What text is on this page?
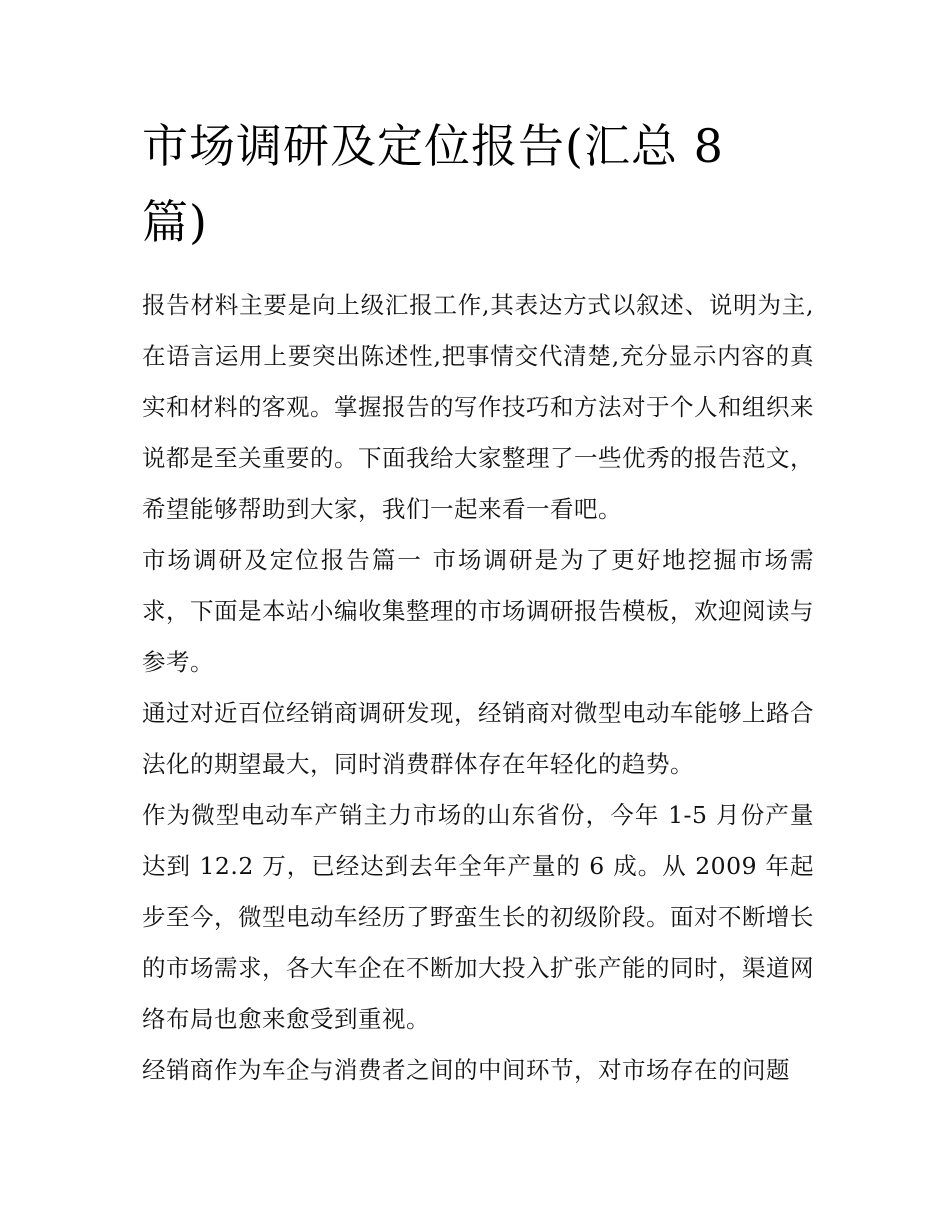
市场调研及定位报告(汇总 8 篇)

报告材料主要是向上级汇报工作,其表达方式以叙述、说明为主,在语言运用上要突出陈述性,把事情交代清楚,充分显示内容的真实和材料的客观。掌握报告的写作技巧和方法对于个人和组织来说都是至关重要的。下面我给大家整理了一些优秀的报告范文，希望能够帮助到大家，我们一起来看一看吧。

市场调研及定位报告篇一 市场调研是为了更好地挖掘市场需求，下面是本站小编收集整理的市场调研报告模板，欢迎阅读与参考。

通过对近百位经销商调研发现，经销商对微型电动车能够上路合法化的期望最大，同时消费群体存在年轻化的趋势。

作为微型电动车产销主力市场的山东省份，今年 1-5 月份产量达到 12.2 万，已经达到去年全年产量的 6 成。从 2009 年起步至今，微型电动车经历了野蛮生长的初级阶段。面对不断增长的市场需求，各大车企在不断加大投入扩张产能的同时，渠道网络布局也愈来愈受到重视。

经销商作为车企与消费者之间的中间环节，对市场存在的问题
